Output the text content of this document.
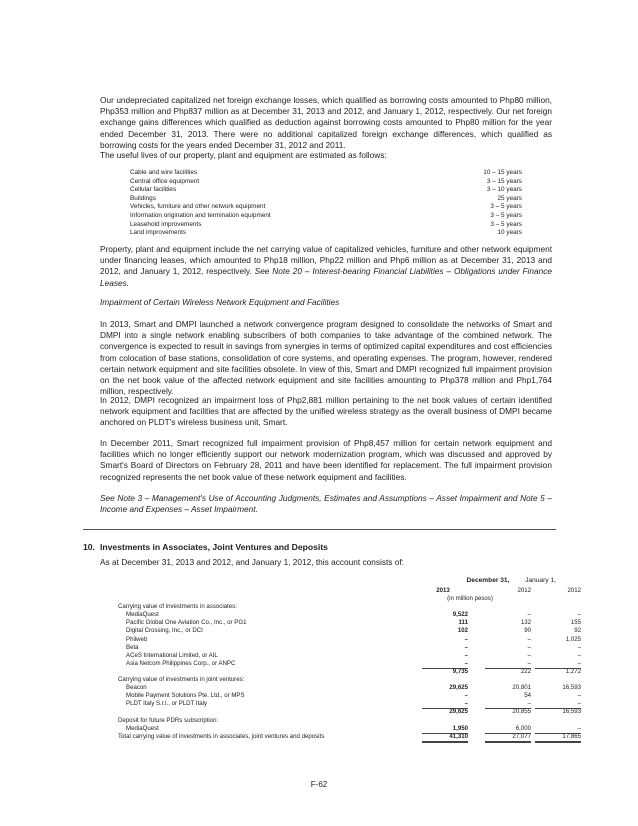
Our undepreciated capitalized net foreign exchange losses, which qualified as borrowing costs amounted to Php80 million, Php353 million and Php837 million as at December 31, 2013 and 2012, and January 1, 2012, respectively. Our net foreign exchange gains differences which qualified as deduction against borrowing costs amounted to Php80 million for the year ended December 31, 2013. There were no additional capitalized foreign exchange differences, which qualified as borrowing costs for the years ended December 31, 2012 and 2011.
The useful lives of our property, plant and equipment are estimated as follows:
Cable and wire facilities	10 – 15 years
Central office equipment	3 – 15 years
Cellular facilities	3 – 10 years
Buildings	25 years
Vehicles, furniture and other network equipment	3 – 5 years
Information origination and termination equipment	3 – 5 years
Leasehold improvements	3 – 5 years
Land improvements	10 years
Property, plant and equipment include the net carrying value of capitalized vehicles, furniture and other network equipment under financing leases, which amounted to Php18 million, Php22 million and Php6 million as at December 31, 2013 and 2012, and January 1, 2012, respectively. See Note 20 – Interest-bearing Financial Liabilities – Obligations under Finance Leases.
Impairment of Certain Wireless Network Equipment and Facilities
In 2013, Smart and DMPI launched a network convergence program designed to consolidate the networks of Smart and DMPI into a single network enabling subscribers of both companies to take advantage of the combined network. The convergence is expected to result in savings from synergies in terms of optimized capital expenditures and cost efficiencies from colocation of base stations, consolidation of core systems, and operating expenses. The program, however, rendered certain network equipment and site facilities obsolete. In view of this, Smart and DMPI recognized full impairment provision on the net book value of the affected network equipment and site facilities amounting to Php378 million and Php1,764 million, respectively.
In 2012, DMPI recognized an impairment loss of Php2,881 million pertaining to the net book values of certain identified network equipment and facilities that are affected by the unified wireless strategy as the overall business of DMPI became anchored on PLDT's wireless business unit, Smart.
In December 2011, Smart recognized full impairment provision of Php8,457 million for certain network equipment and facilities which no longer efficiently support our network modernization program, which was discussed and approved by Smart's Board of Directors on February 28, 2011 and have been identified for replacement. The full impairment provision recognized represents the net book value of these network equipment and facilities.
See Note 3 – Management's Use of Accounting Judgments, Estimates and Assumptions – Asset Impairment and Note 5 – Income and Expenses – Asset Impairment.
10. Investments in Associates, Joint Ventures and Deposits
As at December 31, 2013 and 2012, and January 1, 2012, this account consists of:
December 31,	January 1,
2013	2012	2012
(in million pesos)
Carrying value of investments in associates:
MediaQuest	9,522	–	–
Pacific Global One Aviation Co., Inc., or PG1	111	132	155
Digital Crossing, Inc., or DCI	102	90	92
Philweb	–	–	1,025
Beta	–	–	–
ACeS International Limited, or AIL	–	–	–
Asia Netcom Philippines Corp., or ANPC	–	–	–
9,735	222	1,272
Carrying value of investments in joint ventures:
Beacon	29,625	20,801	16,593
Mobile Payment Solutions Pte. Ltd., or MPS	–	54	–
PLDT Italy S.r.l., or PLDT Italy	–	–	–
29,625	20,855	16,593
Deposit for future PDRs subscription:
MediaQuest	1,950	6,000	–
Total carrying value of investments in associates, joint ventures and deposits	41,310	27,077	17,865
F-62
